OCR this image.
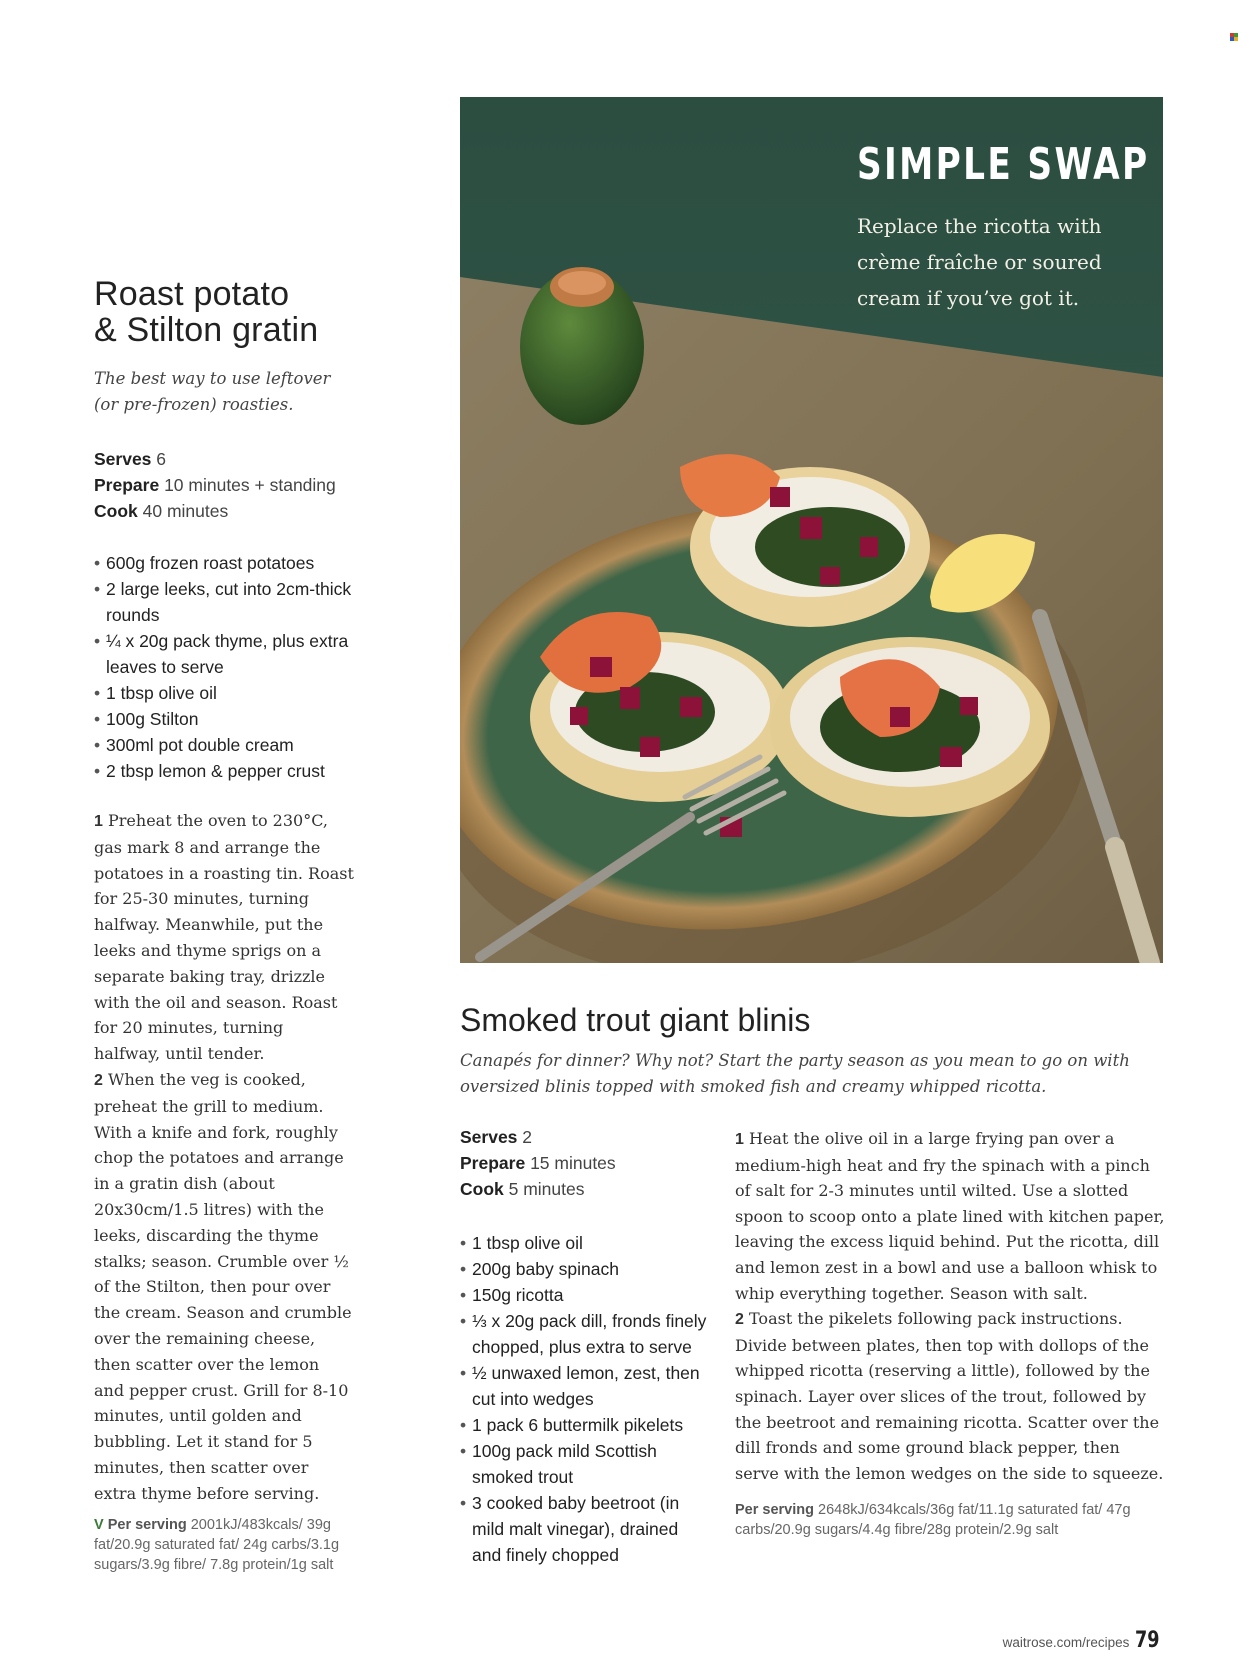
Roast potato
& Stilton gratin

The best way to use leftover (or pre-frozen) roasties.

Serves 6
Prepare 10 minutes + standing
Cook 40 minutes
• 600g frozen roast potatoes
• 2 large leeks, cut into 2cm-thick rounds
• ¼ x 20g pack thyme, plus extra leaves to serve
• 1 tbsp olive oil
• 100g Stilton
• 300ml pot double cream
• 2 tbsp lemon & pepper crust

1 Preheat the oven to 230°C, gas mark 8 and arrange the potatoes in a roasting tin. Roast for 25-30 minutes, turning halfway. Meanwhile, put the leeks and thyme sprigs on a separate baking tray, drizzle with the oil and season. Roast for 20 minutes, turning halfway, until tender.

2 When the veg is cooked, preheat the grill to medium. With a knife and fork, roughly chop the potatoes and arrange in a gratin dish (about 20x30cm/1.5 litres) with the leeks, discarding the thyme stalks; season. Crumble over ½ of the Stilton, then pour over the cream. Season and crumble over the remaining cheese, then scatter over the lemon and pepper crust. Grill for 8-10 minutes, until golden and bubbling. Let it stand for 5 minutes, then scatter over extra thyme before serving.

V Per serving 2001kJ/483kcals/ 39g fat/20.9g saturated fat/ 24g carbs/3.1g sugars/3.9g fibre/ 7.8g protein/1g salt
SIMPLE SWAP
Replace the ricotta with crème fraîche or soured cream if you’ve got it.
Smoked trout giant blinis

Canapés for dinner? Why not? Start the party season as you mean to go on with oversized blinis topped with smoked fish and creamy whipped ricotta.

Serves 2
Prepare 15 minutes
Cook 5 minutes
• 1 tbsp olive oil
• 200g baby spinach
• 150g ricotta
• ⅓ x 20g pack dill, fronds finely chopped, plus extra to serve
• ½ unwaxed lemon, zest, then cut into wedges
• 1 pack 6 buttermilk pikelets
• 100g pack mild Scottish smoked trout
• 3 cooked baby beetroot (in mild malt vinegar), drained and finely chopped

1 Heat the olive oil in a large frying pan over a medium-high heat and fry the spinach with a pinch of salt for 2-3 minutes until wilted. Use a slotted spoon to scoop onto a plate lined with kitchen paper, leaving the excess liquid behind. Put the ricotta, dill and lemon zest in a bowl and use a balloon whisk to whip everything together. Season with salt.

2 Toast the pikelets following pack instructions. Divide between plates, then top with dollops of the whipped ricotta (reserving a little), followed by the spinach. Layer over slices of the trout, followed by the beetroot and remaining ricotta. Scatter over the dill fronds and some ground black pepper, then serve with the lemon wedges on the side to squeeze.

Per serving 2648kJ/634kcals/36g fat/11.1g saturated fat/ 47g carbs/20.9g sugars/4.4g fibre/28g protein/2.9g salt
waitrose.com/recipes 79
